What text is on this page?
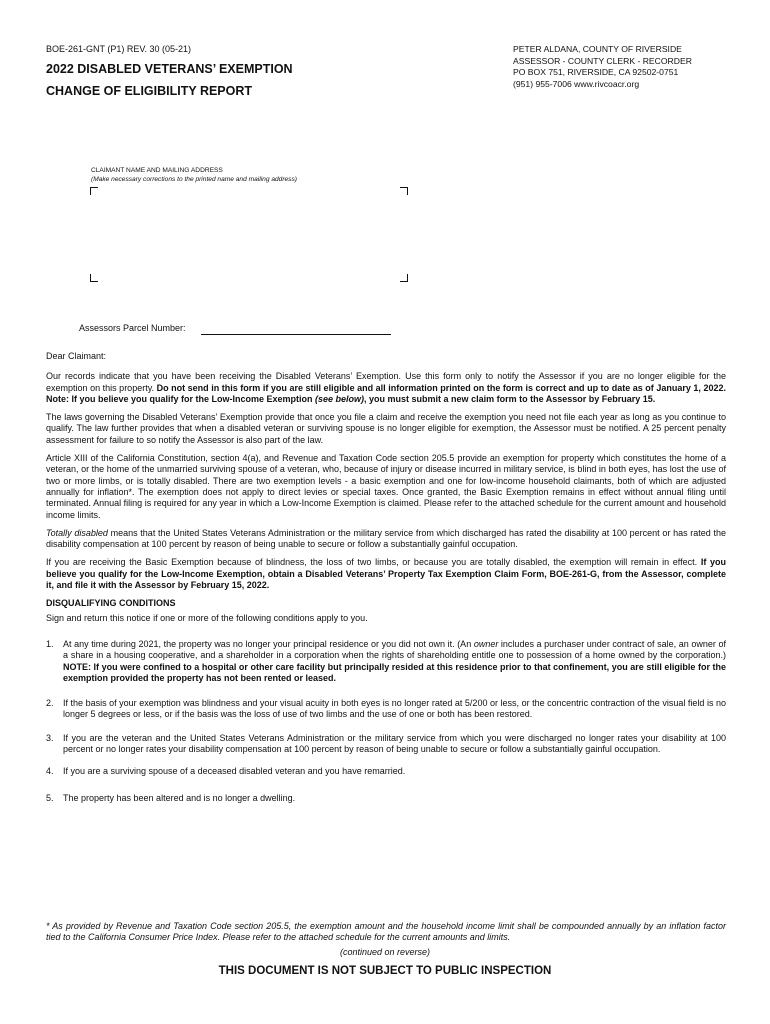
BOE-261-GNT (P1) REV. 30 (05-21)
2022 DISABLED VETERANS’ EXEMPTION
CHANGE OF ELIGIBILITY REPORT
PETER ALDANA, COUNTY OF RIVERSIDE
ASSESSOR - COUNTY CLERK - RECORDER
PO BOX 751, RIVERSIDE, CA 92502-0751
(951) 955-7006 www.rivcoacr.org
CLAIMANT NAME AND MAILING ADDRESS
(Make necessary corrections to the printed name and mailing address)
Assessors Parcel Number:

Dear Claimant:

Our records indicate that you have been receiving the Disabled Veterans’ Exemption. Use this form only to notify the Assessor if you are no longer eligible for the exemption on this property. Do not send in this form if you are still eligible and all information printed on the form is correct and up to date as of January 1, 2022. Note: If you believe you qualify for the Low-Income Exemption (see below), you must submit a new claim form to the Assessor by February 15.

The laws governing the Disabled Veterans’ Exemption provide that once you file a claim and receive the exemption you need not file each year as long as you continue to qualify. The law further provides that when a disabled veteran or surviving spouse is no longer eligible for exemption, the Assessor must be notified. A 25 percent penalty assessment for failure to so notify the Assessor is also part of the law.

Article XIII of the California Constitution, section 4(a), and Revenue and Taxation Code section 205.5 provide an exemption for property which constitutes the home of a veteran, or the home of the unmarried surviving spouse of a veteran, who, because of injury or disease incurred in military service, is blind in both eyes, has lost the use of two or more limbs, or is totally disabled. There are two exemption levels - a basic exemption and one for low-income household claimants, both of which are adjusted annually for inflation*. The exemption does not apply to direct levies or special taxes. Once granted, the Basic Exemption remains in effect without annual filing until terminated. Annual filing is required for any year in which a Low-Income Exemption is claimed. Please refer to the attached schedule for the current amount and household income limits.

Totally disabled means that the United States Veterans Administration or the military service from which discharged has rated the disability at 100 percent or has rated the disability compensation at 100 percent by reason of being unable to secure or follow a substantially gainful occupation.

If you are receiving the Basic Exemption because of blindness, the loss of two limbs, or because you are totally disabled, the exemption will remain in effect. If you believe you qualify for the Low-Income Exemption, obtain a Disabled Veterans’ Property Tax Exemption Claim Form, BOE-261-G, from the Assessor, complete it, and file it with the Assessor by February 15, 2022.

DISQUALIFYING CONDITIONS

Sign and return this notice if one or more of the following conditions apply to you.

1. At any time during 2021, the property was no longer your principal residence or you did not own it. (An owner includes a purchaser under contract of sale, an owner of a share in a housing cooperative, and a shareholder in a corporation when the rights of shareholding entitle one to possession of a home owned by the corporation.) NOTE: If you were confined to a hospital or other care facility but principally resided at this residence prior to that confinement, you are still eligible for the exemption provided the property has not been rented or leased.
2. If the basis of your exemption was blindness and your visual acuity in both eyes is no longer rated at 5/200 or less, or the concentric contraction of the visual field is no longer 5 degrees or less, or if the basis was the loss of use of two limbs and the use of one or both has been restored.
3. If you are the veteran and the United States Veterans Administration or the military service from which you were discharged no longer rates your disability at 100 percent or no longer rates your disability compensation at 100 percent by reason of being unable to secure or follow a substantially gainful occupation.
4. If you are a surviving spouse of a deceased disabled veteran and you have remarried.
5. The property has been altered and is no longer a dwelling.
* As provided by Revenue and Taxation Code section 205.5, the exemption amount and the household income limit shall be compounded annually by an inflation factor tied to the California Consumer Price Index. Please refer to the attached schedule for the current amounts and limits.
(continued on reverse)
THIS DOCUMENT IS NOT SUBJECT TO PUBLIC INSPECTION
